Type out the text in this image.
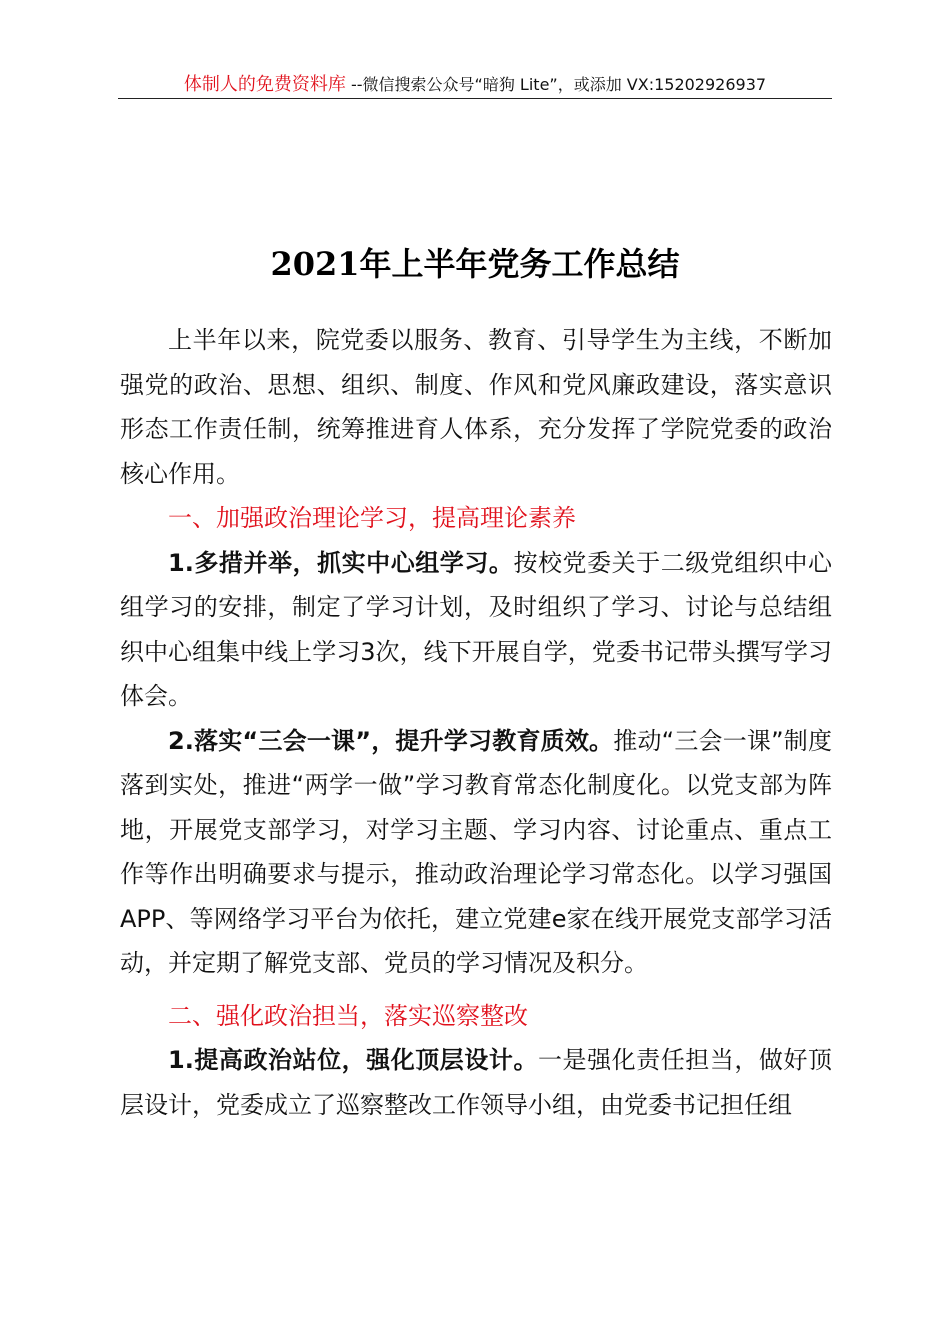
体制人的免费资料库 --微信搜索公众号“暗狗 Lite”，或添加 VX:15202926937
2021年上半年党务工作总结

上半年以来，院党委以服务、教育、引导学生为主线，不断加强党的政治、思想、组织、制度、作风和党风廉政建设，落实意识形态工作责任制，统筹推进育人体系，充分发挥了学院党委的政治核心作用。

一、加强政治理论学习，提高理论素养

1.多措并举，抓实中心组学习。按校党委关于二级党组织中心组学习的安排，制定了学习计划，及时组织了学习、讨论与总结组织中心组集中线上学习3次，线下开展自学，党委书记带头撰写学习体会。

2.落实“三会一课”，提升学习教育质效。推动“三会一课”制度落到实处，推进“两学一做”学习教育常态化制度化。以党支部为阵地，开展党支部学习，对学习主题、学习内容、讨论重点、重点工作等作出明确要求与提示，推动政治理论学习常态化。以学习强国APP、等网络学习平台为依托，建立党建e家在线开展党支部学习活动，并定期了解党支部、党员的学习情况及积分。

二、强化政治担当，落实巡察整改

1.提高政治站位，强化顶层设计。一是强化责任担当，做好顶层设计，党委成立了巡察整改工作领导小组，由党委书记担任组
